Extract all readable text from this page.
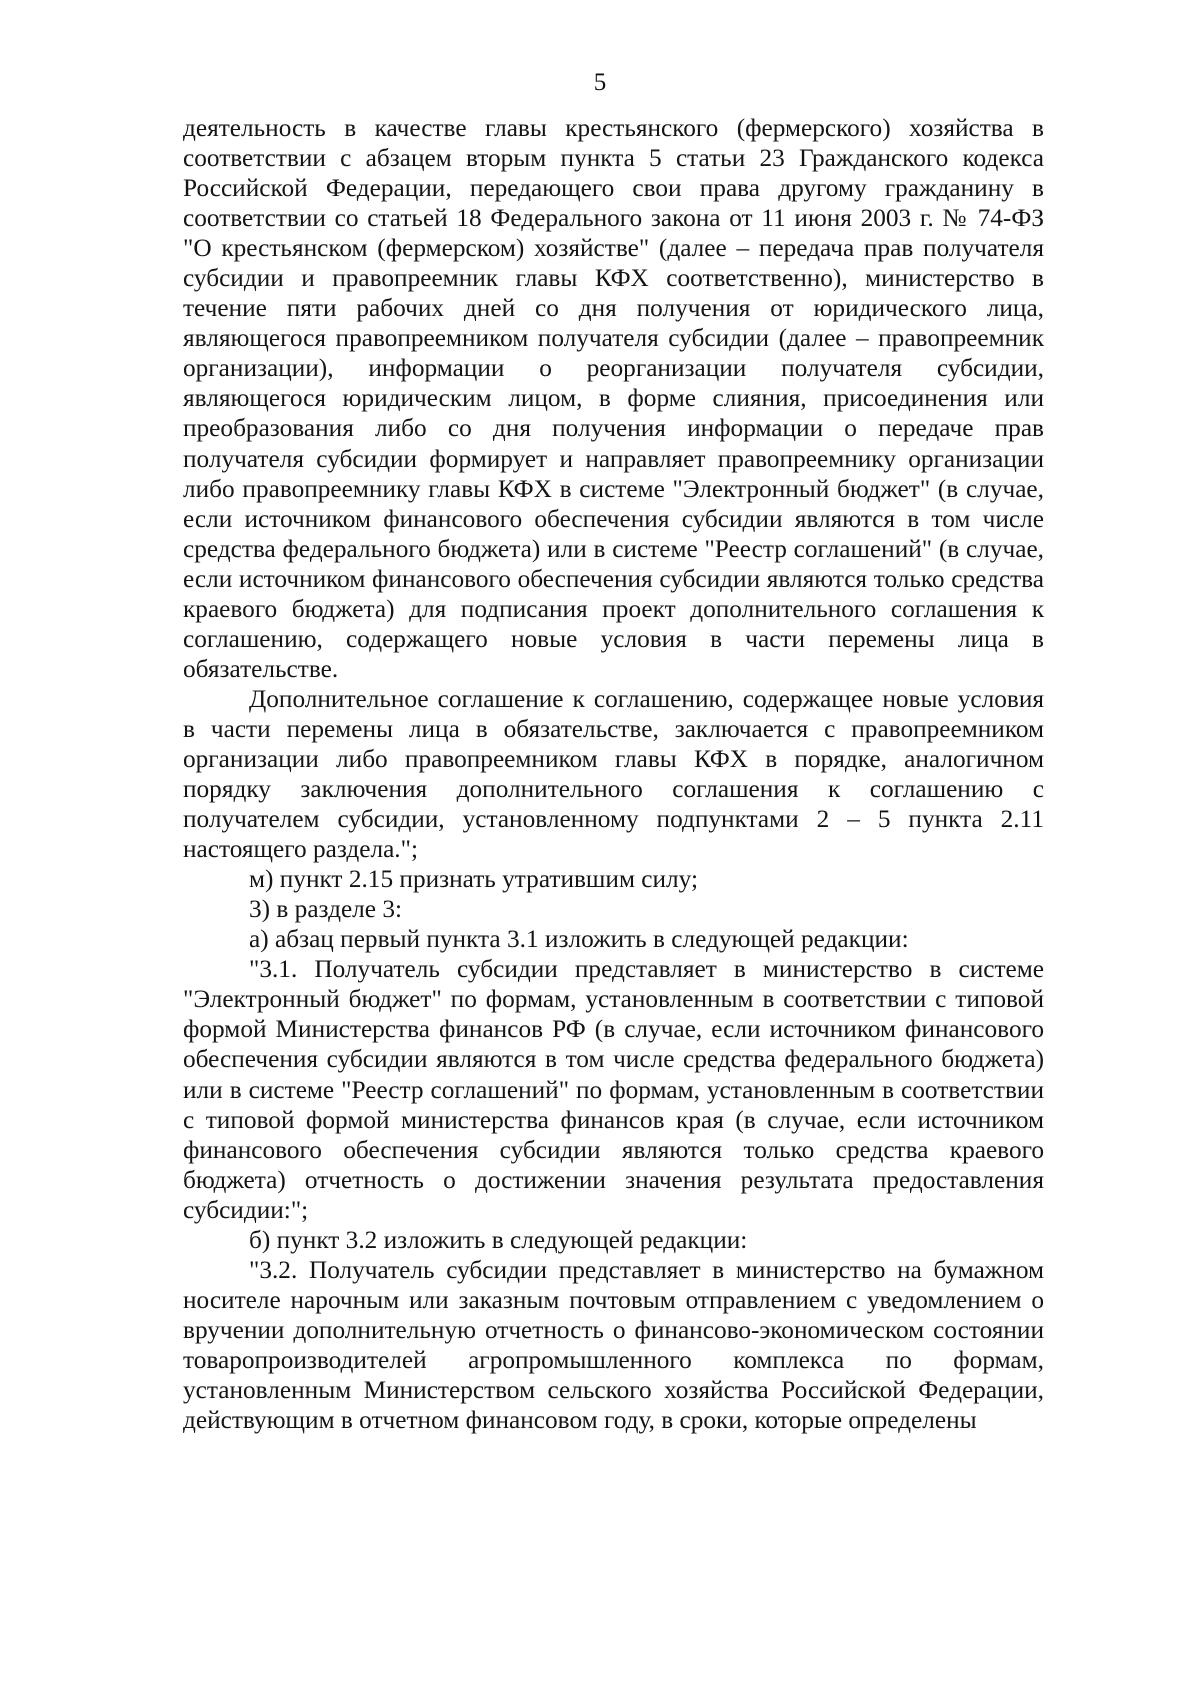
5

деятельность в качестве главы крестьянского (фермерского) хозяйства в соответствии с абзацем вторым пункта 5 статьи 23 Гражданского кодекса Российской Федерации, передающего свои права другому гражданину в соответствии со статьей 18 Федерального закона от 11 июня 2003 г. № 74-ФЗ "О крестьянском (фермерском) хозяйстве" (далее – передача прав получателя субсидии и правопреемник главы КФХ соответственно), министерство в течение пяти рабочих дней со дня получения от юридического лица, являющегося правопреемником получателя субсидии (далее – правопреемник организации), информации о реорганизации получателя субсидии, являющегося юридическим лицом, в форме слияния, присоединения или преобразования либо со дня получения информации о передаче прав получателя субсидии формирует и направляет правопреемнику организации либо правопреемнику главы КФХ в системе "Электронный бюджет" (в случае, если источником финансового обеспечения субсидии являются в том числе средства федерального бюджета) или в системе "Реестр соглашений" (в случае, если источником финансового обеспечения субсидии являются только средства краевого бюджета) для подписания проект дополнительного соглашения к соглашению, содержащего новые условия в части перемены лица в обязательстве.

Дополнительное соглашение к соглашению, содержащее новые условия в части перемены лица в обязательстве, заключается с правопреемником организации либо правопреемником главы КФХ в порядке, аналогичном порядку заключения дополнительного соглашения к соглашению с получателем субсидии, установленному подпунктами 2 – 5 пункта 2.11 настоящего раздела.";

м) пункт 2.15 признать утратившим силу;

3) в разделе 3:

а) абзац первый пункта 3.1 изложить в следующей редакции:

"3.1. Получатель субсидии представляет в министерство в системе "Электронный бюджет" по формам, установленным в соответствии с типовой формой Министерства финансов РФ (в случае, если источником финансового обеспечения субсидии являются в том числе средства федерального бюджета) или в системе "Реестр соглашений" по формам, установленным в соответствии с типовой формой министерства финансов края (в случае, если источником финансового обеспечения субсидии являются только средства краевого бюджета) отчетность о достижении значения результата предоставления субсидии:";

б) пункт 3.2 изложить в следующей редакции:

"3.2. Получатель субсидии представляет в министерство на бумажном носителе нарочным или заказным почтовым отправлением с уведомлением о вручении дополнительную отчетность о финансово-экономическом состоянии товаропроизводителей агропромышленного комплекса по формам, установленным Министерством сельского хозяйства Российской Федерации, действующим в отчетном финансовом году, в сроки, которые определены
